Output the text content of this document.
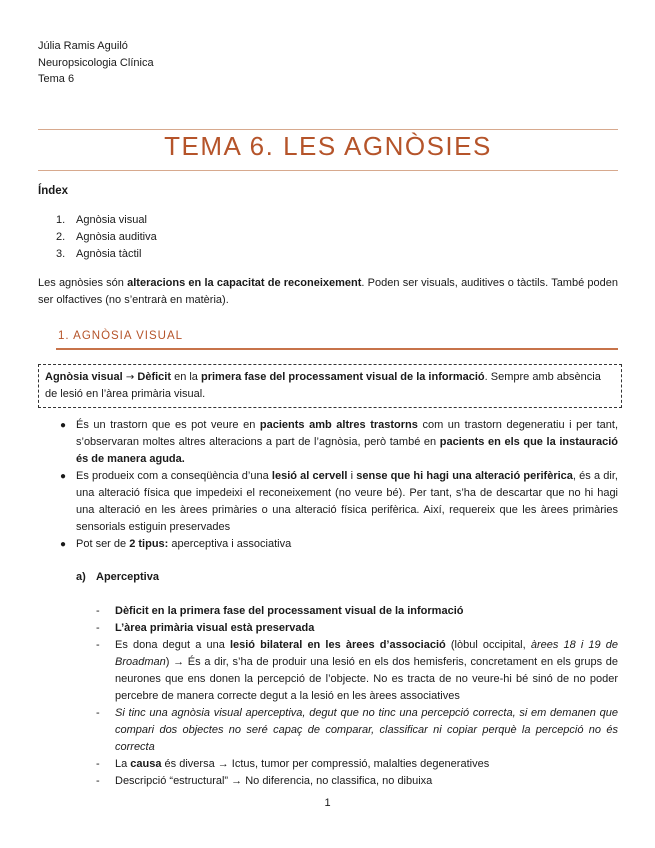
Júlia Ramis Aguiló
Neuropsicologia Clínica
Tema 6
TEMA 6. LES AGNÒSIES
Índex
1. Agnòsia visual
2. Agnòsia auditiva
3. Agnòsia tàctil

Les agnòsies són alteracions en la capacitat de reconeixement. Poden ser visuals, auditives o tàctils. També poden ser olfactives (no s’entrarà en matèria).

1. AGNÒSIA VISUAL
Agnòsia visual → Dèficit en la primera fase del processament visual de la informació. Sempre amb absència de lesió en l’àrea primària visual.
● És un trastorn que es pot veure en pacients amb altres trastorns com un trastorn degeneratiu i per tant, s’observaran moltes altres alteracions a part de l’agnòsia, però també en pacients en els que la instauració és de manera aguda.
● Es produeix com a conseqüència d’una lesió al cervell i sense que hi hagi una alteració perifèrica, és a dir, una alteració física que impedeixi el reconeixement (no veure bé). Per tant, s’ha de descartar que no hi hagi una alteració en les àrees primàries o una alteració física perifèrica. Així, requereix que les àrees primàries sensorials estiguin preservades
● Pot ser de 2 tipus: aperceptiva i associativa
a) Aperceptiva
- Dèficit en la primera fase del processament visual de la informació
- L’àrea primària visual està preservada
- Es dona degut a una lesió bilateral en les àrees d’associació (lòbul occipital, àrees 18 i 19 de Broadman) → És a dir, s’ha de produir una lesió en els dos hemisferis, concretament en els grups de neurones que ens donen la percepció de l’objecte. No es tracta de no veure-hi bé sinó de no poder percebre de manera correcte degut a la lesió en les àrees associatives
- Si tinc una agnòsia visual aperceptiva, degut que no tinc una percepció correcta, si em demanen que compari dos objectes no seré capaç de comparar, classificar ni copiar perquè la percepció no és correcta
- La causa és diversa → Ictus, tumor per compressió, malalties degeneratives
- Descripció “estructural” → No diferencia, no classifica, no dibuixa
1
